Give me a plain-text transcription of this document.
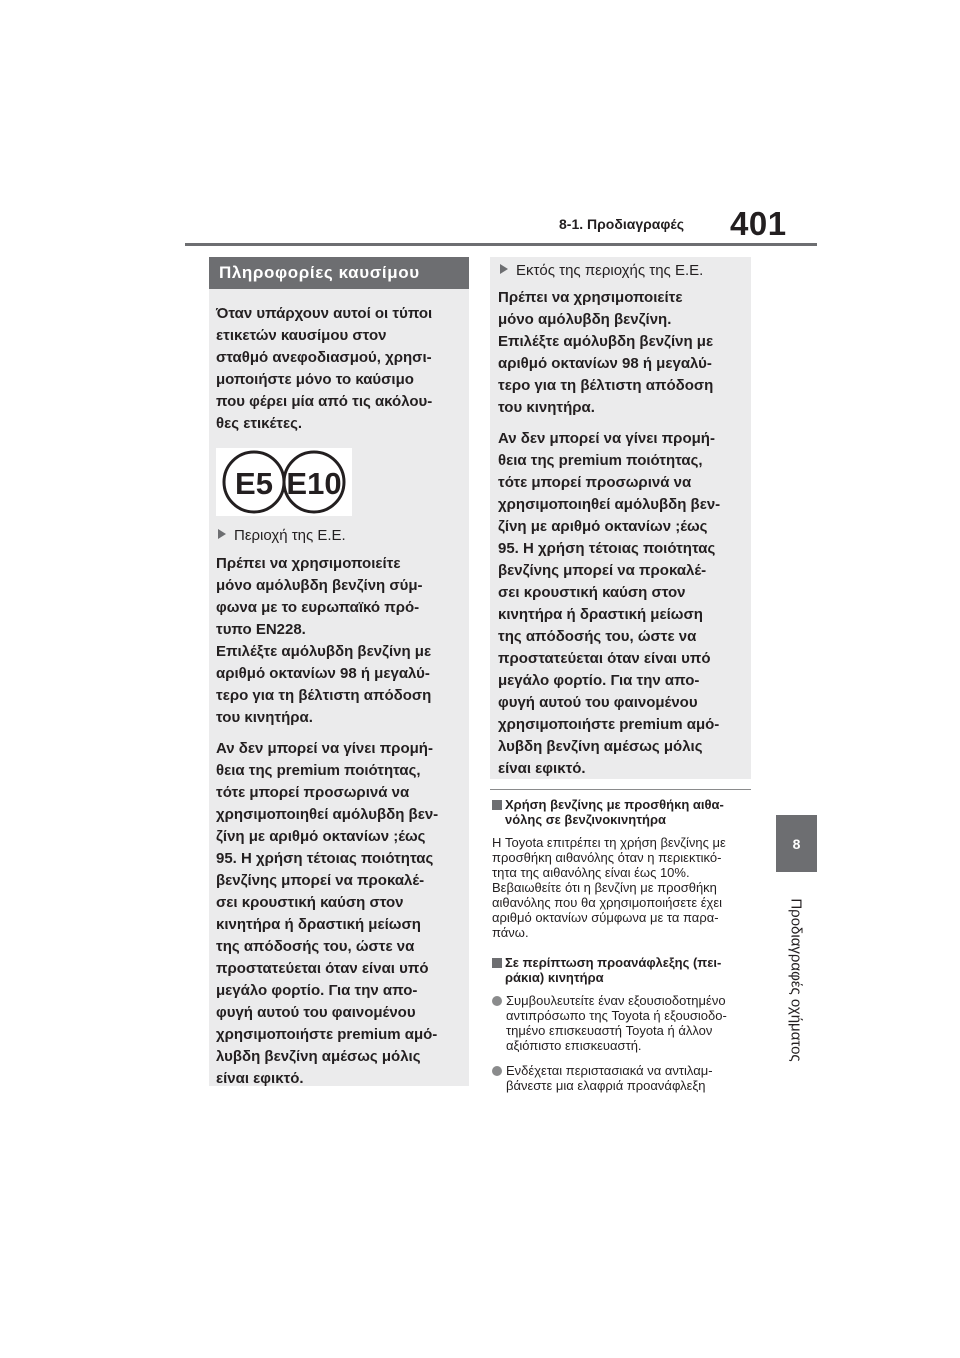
8-1. Προδιαγραφές 401
8
Προδιαγραφές οχήματος
Πληροφορίες καυσίμου
Όταν υπάρχουν αυτοί οι τύποι
ετικετών καυσίμου στον
σταθμό ανεφοδιασμού, χρησι-
μοποιήστε μόνο το καύσιμο
που φέρει μία από τις ακόλου-
θες ετικέτες.
E5 E10
Περιοχή της Ε.Ε.
Πρέπει να χρησιμοποιείτε
μόνο αμόλυβδη βενζίνη σύμ-
φωνα με το ευρωπαϊκό πρό-
τυπο EN228.
Επιλέξτε αμόλυβδη βενζίνη με
αριθμό οκτανίων 98 ή μεγαλύ-
τερο για τη βέλτιστη απόδοση
του κινητήρα.
Αν δεν μπορεί να γίνει προμή-
θεια της premium ποιότητας,
τότε μπορεί προσωρινά να
χρησιμοποιηθεί αμόλυβδη βεν-
ζίνη με αριθμό οκτανίων ;έως
95. Η χρήση τέτοιας ποιότητας
βενζίνης μπορεί να προκαλέ-
σει κρουστική καύση στον
κινητήρα ή δραστική μείωση
της απόδοσής του, ώστε να
προστατεύεται όταν είναι υπό
μεγάλο φορτίο. Για την απο-
φυγή αυτού του φαινομένου
χρησιμοποιήστε premium αμό-
λυβδη βενζίνη αμέσως μόλις
είναι εφικτό.
Εκτός της περιοχής της Ε.Ε.
Πρέπει να χρησιμοποιείτε
μόνο αμόλυβδη βενζίνη.
Επιλέξτε αμόλυβδη βενζίνη με
αριθμό οκτανίων 98 ή μεγαλύ-
τερο για τη βέλτιστη απόδοση
του κινητήρα.
Αν δεν μπορεί να γίνει προμή-
θεια της premium ποιότητας,
τότε μπορεί προσωρινά να
χρησιμοποιηθεί αμόλυβδη βεν-
ζίνη με αριθμό οκτανίων ;έως
95. Η χρήση τέτοιας ποιότητας
βενζίνης μπορεί να προκαλέ-
σει κρουστική καύση στον
κινητήρα ή δραστική μείωση
της απόδοσής του, ώστε να
προστατεύεται όταν είναι υπό
μεγάλο φορτίο. Για την απο-
φυγή αυτού του φαινομένου
χρησιμοποιήστε premium αμό-
λυβδη βενζίνη αμέσως μόλις
είναι εφικτό.
Χρήση βενζίνης με προσθήκη αιθα-
νόλης σε βενζινοκινητήρα
Η Toyota επιτρέπει τη χρήση βενζίνης με
προσθήκη αιθανόλης όταν η περιεκτικό-
τητα της αιθανόλης είναι έως 10%.
Βεβαιωθείτε ότι η βενζίνη με προσθήκη
αιθανόλης που θα χρησιμοποιήσετε έχει
αριθμό οκτανίων σύμφωνα με τα παρα-
πάνω.
Σε περίπτωση προανάφλεξης (πει-
ράκια) κινητήρα
Συμβουλευτείτε έναν εξουσιοδοτημένο
αντιπρόσωπο της Toyota ή εξουσιοδο-
τημένο επισκευαστή Toyota ή άλλον
αξιόπιστο επισκευαστή.
Ενδέχεται περιστασιακά να αντιλαμ-
βάνεστε μια ελαφριά προανάφλεξη
